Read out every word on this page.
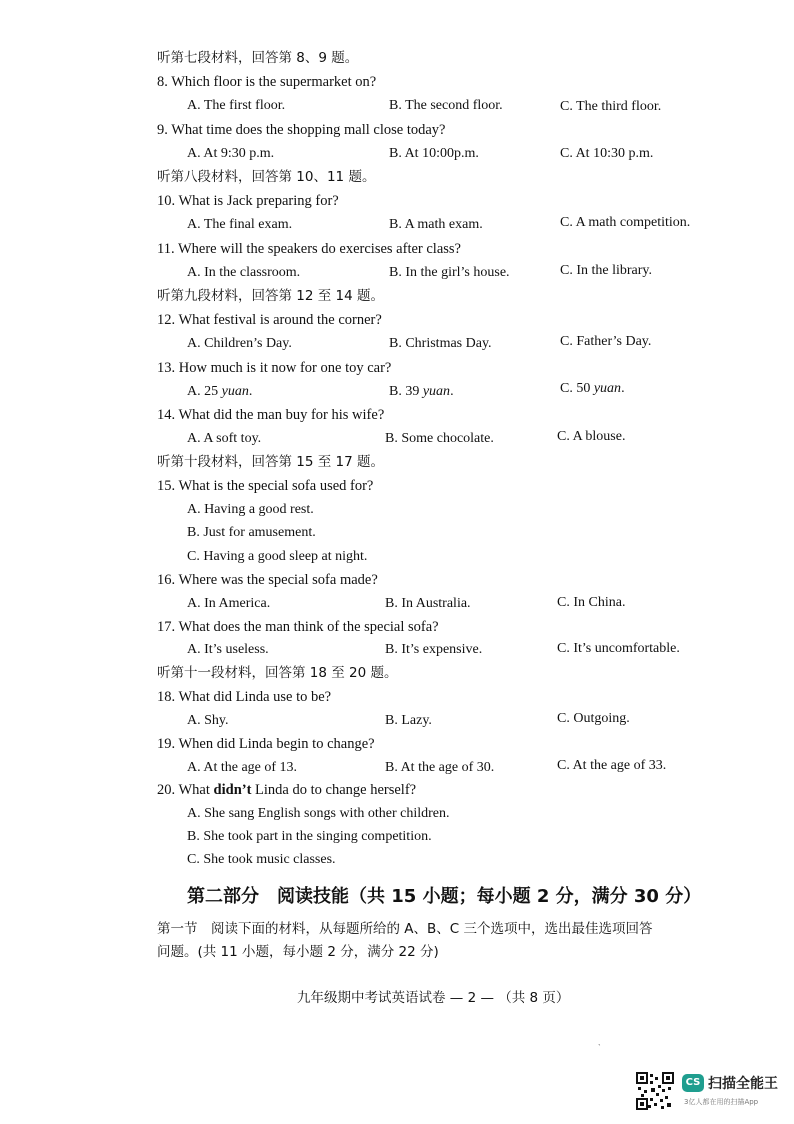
听第七段材料，回答第 8、9 题。
8. Which floor is the supermarket on?
A. The first floor.	B. The second floor.	C. The third floor.
9. What time does the shopping mall close today?
A. At 9:30 p.m.	B. At 10:00p.m.	C. At 10:30 p.m.
听第八段材料，回答第 10、11 题。
10. What is Jack preparing for?
A. The final exam.	B. A math exam.	C. A math competition.
11. Where will the speakers do exercises after class?
A. In the classroom.	B. In the girl’s house.	C. In the library.
听第九段材料，回答第 12 至 14 题。
12. What festival is around the corner?
A. Children’s Day.	B. Christmas Day.	C. Father’s Day.
13. How much is it now for one toy car?
A. 25 yuan.	B. 39 yuan.	C. 50 yuan.
14. What did the man buy for his wife?
A. A soft toy.	B. Some chocolate.	C. A blouse.
听第十段材料，回答第 15 至 17 题。
15. What is the special sofa used for?
A. Having a good rest.
B. Just for amusement.
C. Having a good sleep at night.
16. Where was the special sofa made?
A. In America.	B. In Australia.	C. In China.
17. What does the man think of the special sofa?
A. It’s useless.	B. It’s expensive.	C. It’s uncomfortable.
听第十一段材料，回答第 18 至 20 题。
18. What did Linda use to be?
A. Shy.	B. Lazy.	C. Outgoing.
19. When did Linda begin to change?
A. At the age of 13.	B. At the age of 30.	C. At the age of 33.
20. What didn’t Linda do to change herself?
A. She sang English songs with other children.
B. She took part in the singing competition.
C. She took music classes.
第二部分　阅读技能（共 15 小题；每小题 2 分，满分 30 分）
第一节　阅读下面的材料，从每题所给的 A、B、C 三个选项中，选出最佳选项回答
问题。(共 11 小题，每小题 2 分，满分 22 分)
九年级期中考试英语试卷 — 2 — （共 8 页）
`
CS 扫描全能王
3亿人都在用的扫描App
